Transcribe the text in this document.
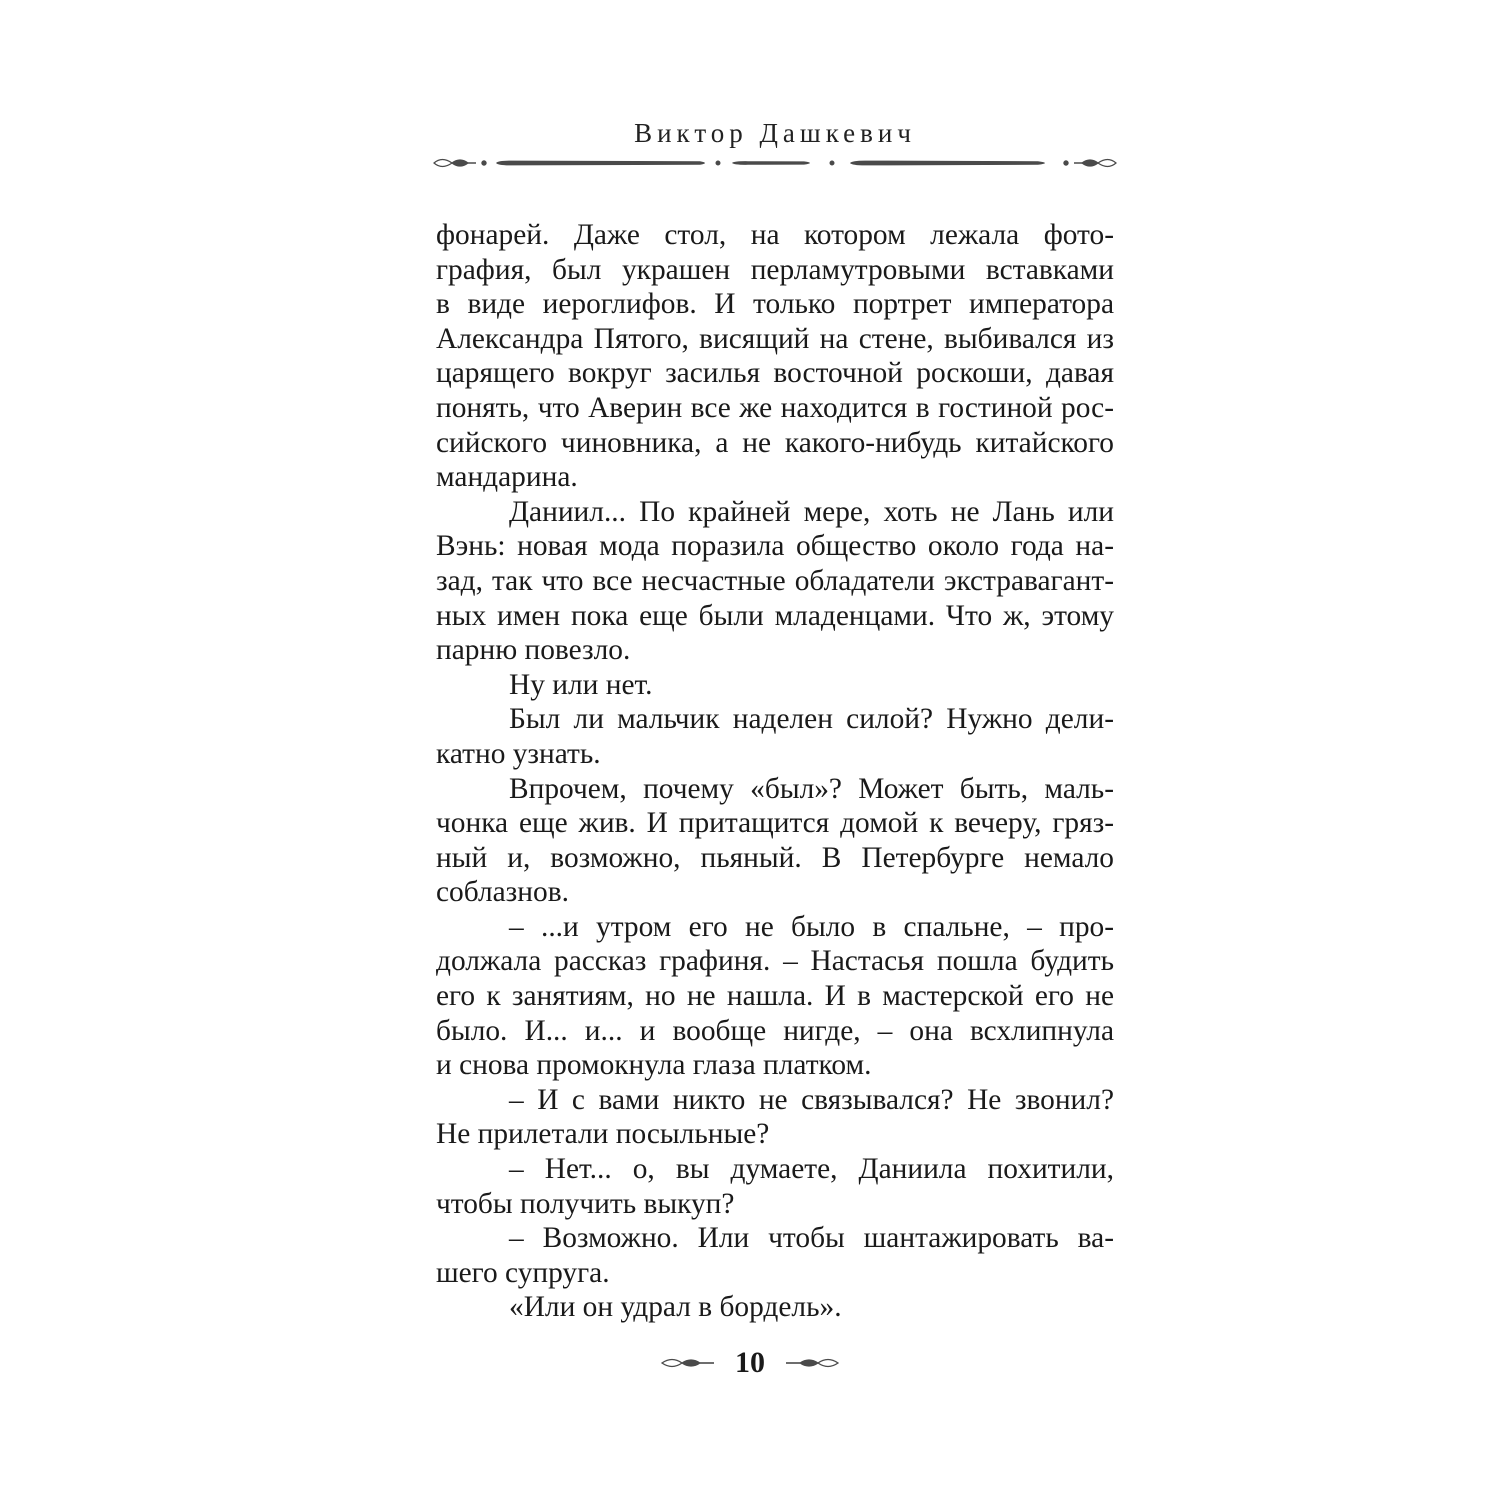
Виктор Дашкевич
фонарей. Даже стол, на котором лежала фото-
графия, был украшен перламутровыми вставками
в виде иероглифов. И только портрет императора
Александра Пятого, висящий на стене, выбивался из
царящего вокруг засилья восточной роскоши, давая
понять, что Аверин все же находится в гостиной рос-
сийского чиновника, а не какого-нибудь китайского
мандарина.
Даниил... По крайней мере, хоть не Лань или
Вэнь: новая мода поразила общество около года на-
зад, так что все несчастные обладатели экстравагант-
ных имен пока еще были младенцами. Что ж, этому
парню повезло.
Ну или нет.
Был ли мальчик наделен силой? Нужно дели-
катно узнать.
Впрочем, почему «был»? Может быть, маль-
чонка еще жив. И притащится домой к вечеру, гряз-
ный и, возможно, пьяный. В Петербурге немало
соблазнов.
– ...и утром его не было в спальне, – про-
должала рассказ графиня. – Настасья пошла будить
его к занятиям, но не нашла. И в мастерской его не
было. И... и... и вообще нигде, – она всхлипнула
и снова промокнула глаза платком.
– И с вами никто не связывался? Не звонил?
Не прилетали посыльные?
– Нет... о, вы думаете, Даниила похитили,
чтобы получить выкуп?
– Возможно. Или чтобы шантажировать ва-
шего супруга.
«Или он удрал в бордель».
10
